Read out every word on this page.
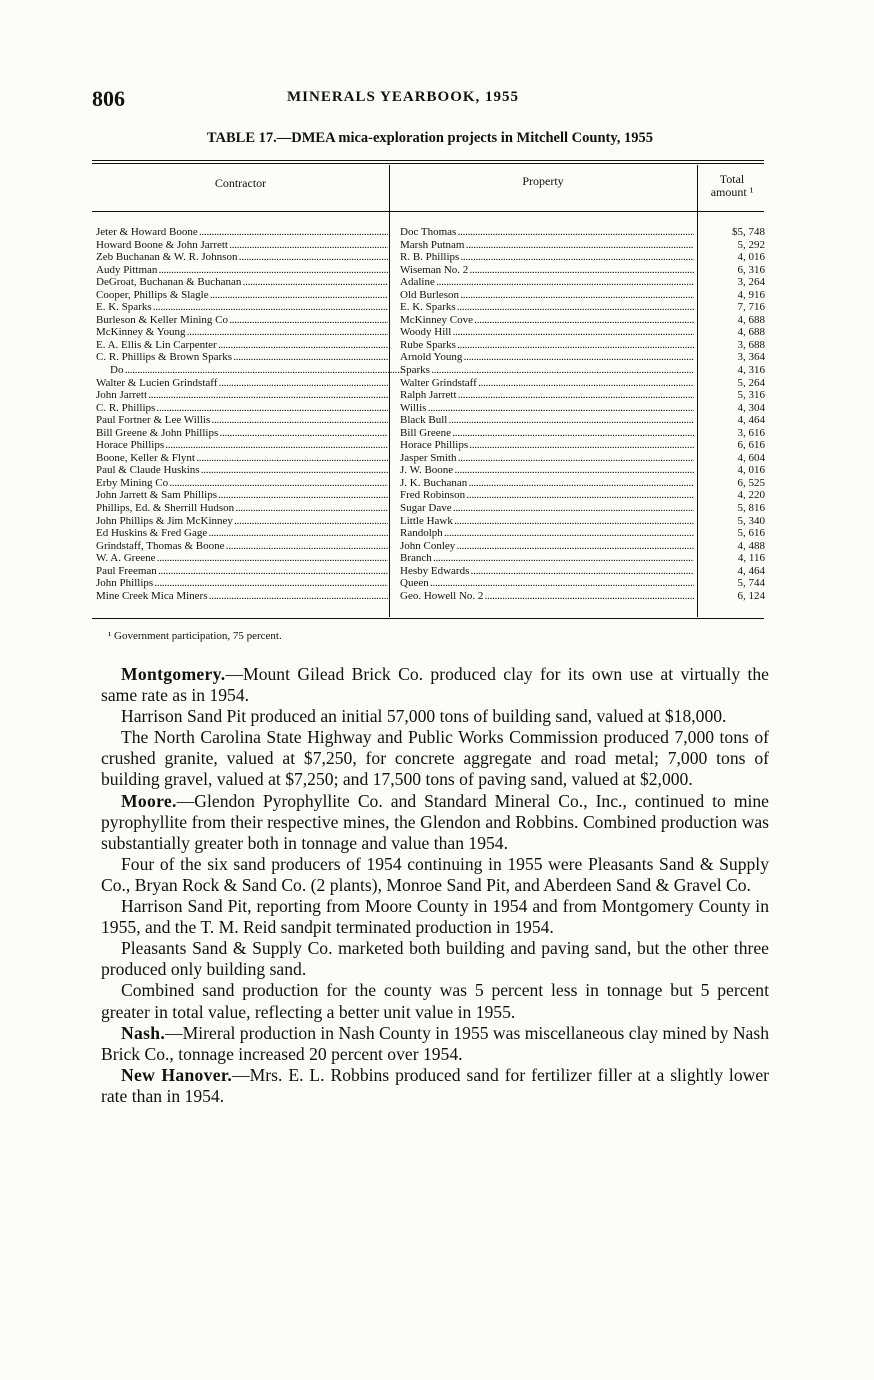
806	MINERALS YEARBOOK, 1955
TABLE 17.—DMEA mica-exploration projects in Mitchell County, 1955
Contractor	Property	Total
amount ¹
Jeter & Howard Boone . . .	Doc Thomas . . .	$5, 748
Howard Boone & John Jarrett . . .	Marsh Putnam . . .	5, 292
Zeb Buchanan & W. R. Johnson . . .	R. B. Phillips . . .	4, 016
Audy Pittman . . .	Wiseman No. 2 . . .	6, 316
DeGroat, Buchanan & Buchanan . . .	Adaline . . .	3, 264
Cooper, Phillips & Slagle . . .	Old Burleson . . .	4, 916
E. K. Sparks . . .	E. K. Sparks . . .	7, 716
Burleson & Keller Mining Co . . .	McKinney Cove . . .	4, 688
McKinney & Young . . .	Woody Hill . . .	4, 688
E. A. Ellis & Lin Carpenter . . .	Rube Sparks . . .	3, 688
C. R. Phillips & Brown Sparks . . .	Arnold Young . . .	3, 364
Do . . .	Sparks . . .	4, 316
Walter & Lucien Grindstaff . . .	Walter Grindstaff . . .	5, 264
John Jarrett . . .	Ralph Jarrett . . .	5, 316
C. R. Phillips . . .	Willis . . .	4, 304
Paul Fortner & Lee Willis . . .	Black Bull . . .	4, 464
Bill Greene & John Phillips . . .	Bill Greene . . .	3, 616
Horace Phillips . . .	Horace Phillips . . .	6, 616
Boone, Keller & Flynt . . .	Jasper Smith . . .	4, 604
Paul & Claude Huskins . . .	J. W. Boone . . .	4, 016
Erby Mining Co . . .	J. K. Buchanan . . .	6, 525
John Jarrett & Sam Phillips . . .	Fred Robinson . . .	4, 220
Phillips, Ed. & Sherrill Hudson . . .	Sugar Dave . . .	5, 816
John Phillips & Jim McKinney . . .	Little Hawk . . .	5, 340
Ed Huskins & Fred Gage . . .	Randolph . . .	5, 616
Grindstaff, Thomas & Boone . . .	John Conley . . .	4, 488
W. A. Greene . . .	Branch . . .	4, 116
Paul Freeman . . .	Hesby Edwards . . .	4, 464
John Phillips . . .	Queen . . .	5, 744
Mine Creek Mica Miners . . .	Geo. Howell No. 2 . . .	6, 124
¹ Government participation, 75 percent.

Montgomery.—Mount Gilead Brick Co. produced clay for its own use at virtually the same rate as in 1954.

Harrison Sand Pit produced an initial 57,000 tons of building sand, valued at $18,000.

The North Carolina State Highway and Public Works Commission produced 7,000 tons of crushed granite, valued at $7,250, for concrete aggregate and road metal; 7,000 tons of building gravel, valued at $7,250; and 17,500 tons of paving sand, valued at $2,000.

Moore.—Glendon Pyrophyllite Co. and Standard Mineral Co., Inc., continued to mine pyrophyllite from their respective mines, the Glendon and Robbins. Combined production was substantially greater both in tonnage and value than 1954.

Four of the six sand producers of 1954 continuing in 1955 were Pleasants Sand & Supply Co., Bryan Rock & Sand Co. (2 plants), Monroe Sand Pit, and Aberdeen Sand & Gravel Co.

Harrison Sand Pit, reporting from Moore County in 1954 and from Montgomery County in 1955, and the T. M. Reid sandpit terminated production in 1954.

Pleasants Sand & Supply Co. marketed both building and paving sand, but the other three produced only building sand.

Combined sand production for the county was 5 percent less in tonnage but 5 percent greater in total value, reflecting a better unit value in 1955.

Nash.—Mireral production in Nash County in 1955 was miscellaneous clay mined by Nash Brick Co., tonnage increased 20 percent over 1954.

New Hanover.—Mrs. E. L. Robbins produced sand for fertilizer filler at a slightly lower rate than in 1954.
